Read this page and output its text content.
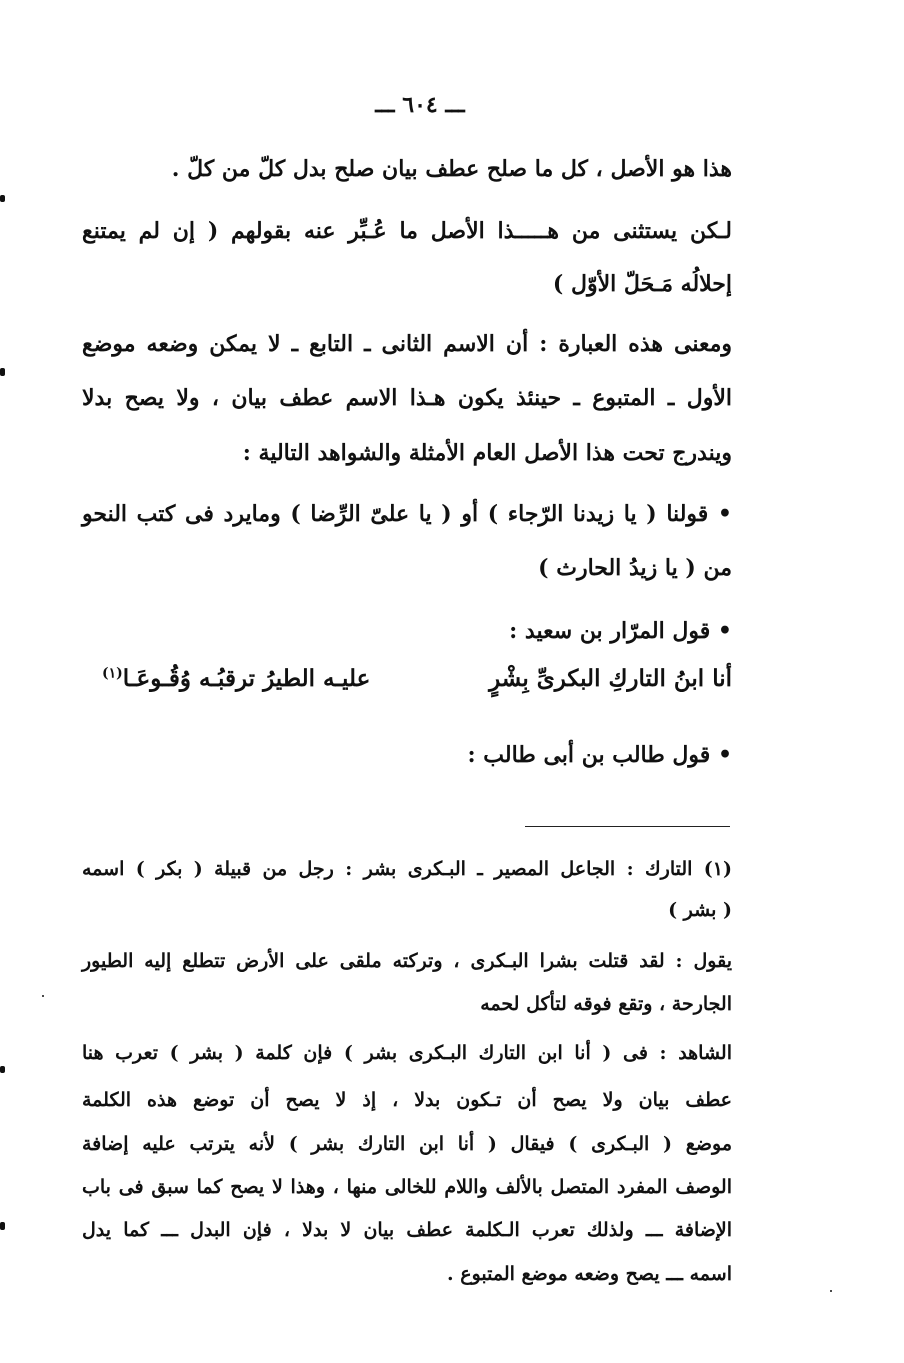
ـــ ٦٠٤ ـــ
هذا هو الأصل ، كل ما صلح عطف بيان صلح بدل كلّ من كلّ .
لـكن يستثنى من هـــــذا الأصل ما عُـبِّر عنه بقولهم ( إن لم يمتنع
إحلالُه مَـحَلّ الأوّل )
ومعنى هذه العبارة : أن الاسم الثانى ـ التابع ـ لا يمكن وضعه موضع
الأول ـ المتبوع ـ حينئذ يكون هـذا الاسم عطف بيان ، ولا يصح بدلا
ويندرج تحت هذا الأصل العام الأمثلة والشواهد التالية :
• قولنا ( يا زيدنا الرّجاء ) أو ( يا علىّ الرِّضا ) ومايرد فى كتب النحو
من ( يا زيدُ الحارث )
• قول المرّار بن سعيد :
أنا ابنُ التاركِ البكرىِّ بِشْرٍ
عليـه الطيرُ ترقبُـه وُقُـوعَـا$^{(١)}$
• قول طالب بن أبى طالب :
(١) التارك : الجاعل المصير ـ البـكرى بشر : رجل من قبيلة ( بكر ) اسمه
( بشر )
يقول : لقد قتلت بشرا البـكرى ، وتركته ملقى على الأرض تتطلع إليه الطيور
الجارحة ، وتقع فوقه لتأكل لحمه
الشاهد : فى ( أنا ابن التارك البـكرى بشر ) فإن كلمة ( بشر ) تعرب هنا
عطف بيان ولا يصح أن تـكون بدلا ، إذ لا يصح أن توضع هذه الكلمة
موضع ( البـكرى ) فيقال ( أنا ابن التارك بشر ) لأنه يترتب عليه إضافة
الوصف المفرد المتصل بالألف واللام للخالى منها ، وهذا لا يصح كما سبق فى باب
الإضافة ـــ ولذلك تعرب الـكلمة عطف بيان لا بدلا ، فإن البدل ـــ كما يدل
اسمه ـــ يصح وضعه موضع المتبوع .
